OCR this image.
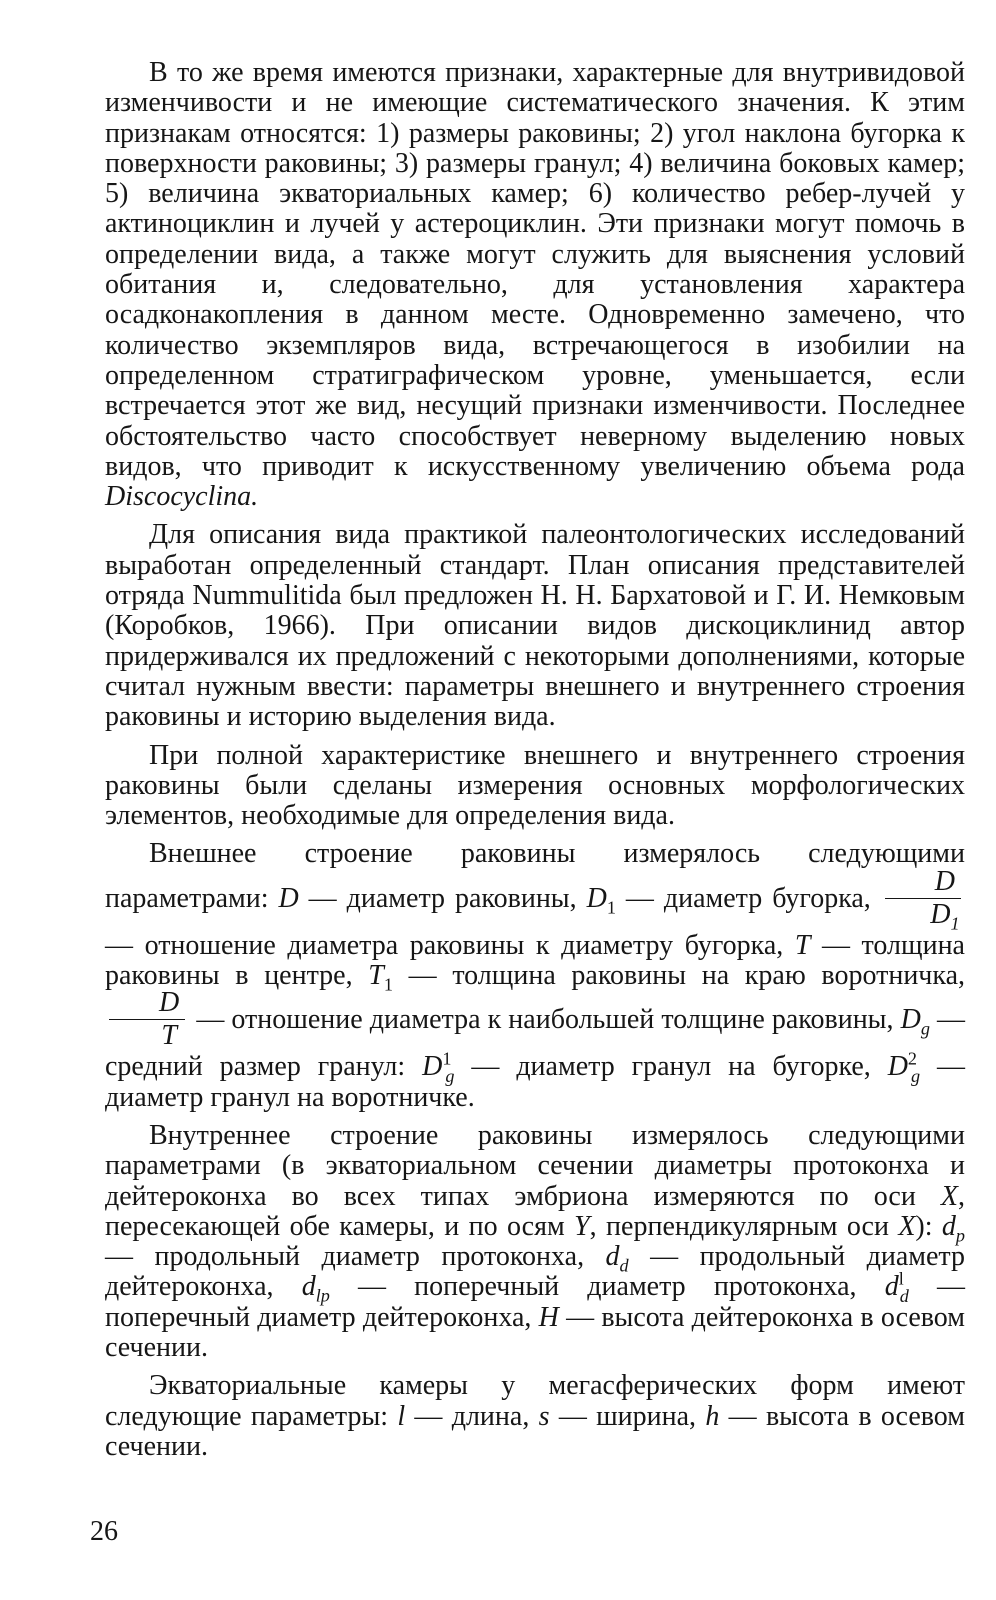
В то же время имеются признаки, характерные для внутривидовой изменчивости и не имеющие систематического значения. К этим признакам относятся: 1) размеры раковины; 2) угол наклона бугорка к поверхности раковины; 3) размеры гранул; 4) величина боковых камер; 5) величина экваториальных камер; 6) количество ребер-лучей у актиноциклин и лучей у астероциклин. Эти признаки могут помочь в определении вида, а также могут служить для выяснения условий обитания и, следовательно, для установления характера осадконакопления в данном месте. Одновременно замечено, что количество экземпляров вида, встречающегося в изобилии на определенном стратиграфическом уровне, уменьшается, если встречается этот же вид, несущий признаки изменчивости. Последнее обстоятельство часто способствует неверному выделению новых видов, что приводит к искусственному увеличению объема рода Discocyclina.

Для описания вида практикой палеонтологических исследований выработан определенный стандарт. План описания представителей отряда Nummulitida был предложен Н. Н. Бархатовой и Г. И. Немковым (Коробков, 1966). При описании видов дискоциклинид автор придерживался их предложений с некоторыми дополнениями, которые считал нужным ввести: параметры внешнего и внутреннего строения раковины и историю выделения вида.

При полной характеристике внешнего и внутреннего строения раковины были сделаны измерения основных морфологических элементов, необходимые для определения вида.

Внешнее строение раковины измерялось следующими параметрами: D — диаметр раковины, $D_1$ — диаметр бугорка, $\frac{D}{D_1}$
— отношение диаметра раковины к диаметру бугорка, T — толщина раковины в центре, $T_1$ — толщина раковины на краю воротничка,
$\frac{D}{T}$ — отношение диаметра к наибольшей толщине раковины, $D_g$ — средний размер гранул: $D^1_g$ — диаметр гранул на бугорке, $D^2_g$ — диаметр гранул на воротничке.

Внутреннее строение раковины измерялось следующими параметрами (в экваториальном сечении диаметры протоконха и дейтероконха во всех типах эмбриона измеряются по оси X, пересекающей обе камеры, и по осям Y, перпендикулярным оси X): $d_p$ — продольный диаметр протоконха, $d_d$ — продольный диаметр дейтероконха, $d_{lp}$ — поперечный диаметр протоконха, $d^l_d$ — поперечный диаметр дейтероконха, H — высота дейтероконха в осевом сечении.

Экваториальные камеры у мегасферических форм имеют следующие параметры: l — длина, s — ширина, h — высота в осевом сечении.

26
